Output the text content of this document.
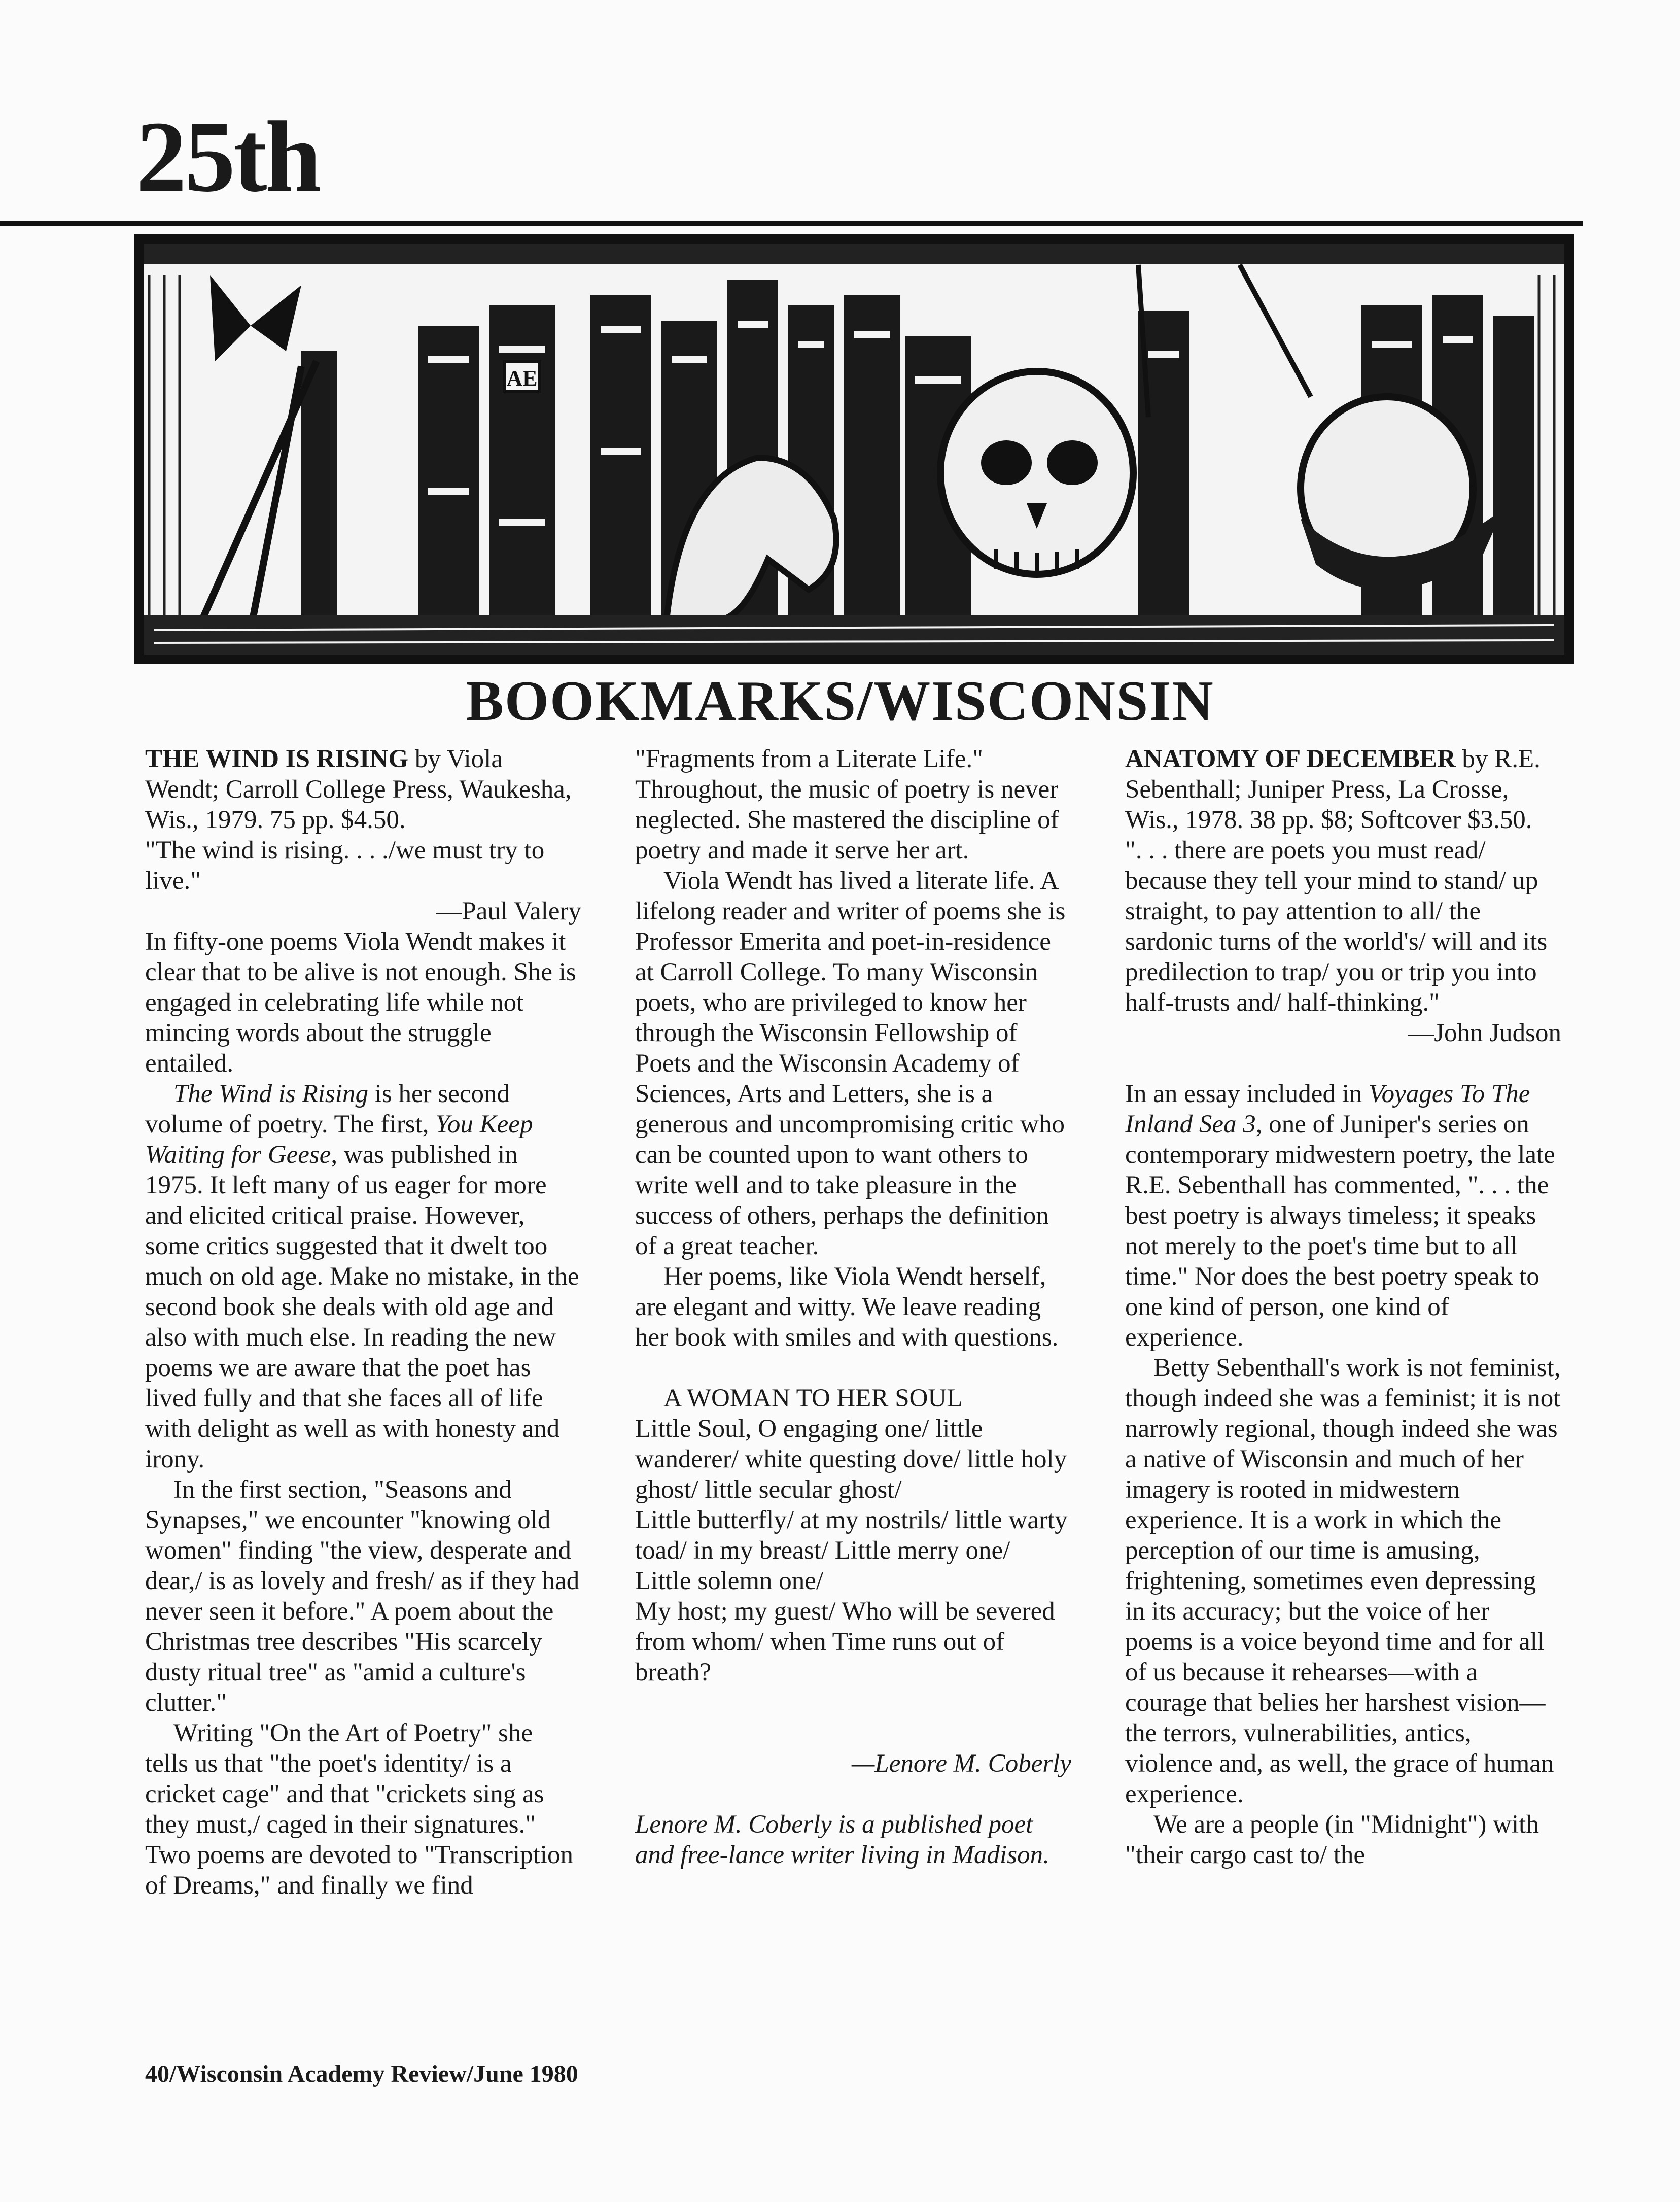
25th
AE
BOOKMARKS/WISCONSIN

THE WIND IS RISING by Viola Wendt; Carroll College Press, Waukesha, Wis., 1979. 75 pp. $4.50.

"The wind is rising. . . ./we must try to live."

—Paul Valery

In fifty-one poems Viola Wendt makes it clear that to be alive is not enough. She is engaged in celebrating life while not mincing words about the struggle entailed.

The Wind is Rising is her second volume of poetry. The first, You Keep Waiting for Geese, was published in 1975. It left many of us eager for more and elicited critical praise. However, some critics suggested that it dwelt too much on old age. Make no mistake, in the second book she deals with old age and also with much else. In reading the new poems we are aware that the poet has lived fully and that she faces all of life with delight as well as with honesty and irony.

In the first section, "Seasons and Synapses," we encounter "knowing old women" finding "the view, desperate and dear,/ is as lovely and fresh/ as if they had never seen it before." A poem about the Christmas tree describes "His scarcely dusty ritual tree" as "amid a culture's clutter."

Writing "On the Art of Poetry" she tells us that "the poet's identity/ is a cricket cage" and that "crickets sing as they must,/ caged in their signatures." Two poems are devoted to "Transcription of Dreams," and finally we find

"Fragments from a Literate Life." Throughout, the music of poetry is never neglected. She mastered the discipline of poetry and made it serve her art.

Viola Wendt has lived a literate life. A lifelong reader and writer of poems she is Professor Emerita and poet-in-residence at Carroll College. To many Wisconsin poets, who are privileged to know her through the Wisconsin Fellowship of Poets and the Wisconsin Academy of Sciences, Arts and Letters, she is a generous and uncompromising critic who can be counted upon to want others to write well and to take pleasure in the success of others, perhaps the definition of a great teacher.

Her poems, like Viola Wendt herself, are elegant and witty. We leave reading her book with smiles and with questions.

A WOMAN TO HER SOUL

Little Soul, O engaging one/ little wanderer/ white questing dove/ little holy ghost/ little secular ghost/

Little butterfly/ at my nostrils/ little warty toad/ in my breast/ Little merry one/ Little solemn one/

My host; my guest/ Who will be severed from whom/ when Time runs out of breath?

—Lenore M. Coberly

Lenore M. Coberly is a published poet and free-lance writer living in Madison.

ANATOMY OF DECEMBER by R.E. Sebenthall; Juniper Press, La Crosse, Wis., 1978. 38 pp. $8; Softcover $3.50.

". . . there are poets you must read/ because they tell your mind to stand/ up straight, to pay attention to all/ the sardonic turns of the world's/ will and its predilection to trap/ you or trip you into half-trusts and/ half-thinking."

—John Judson

In an essay included in Voyages To The Inland Sea 3, one of Juniper's series on contemporary midwestern poetry, the late R.E. Sebenthall has commented, ". . . the best poetry is always timeless; it speaks not merely to the poet's time but to all time." Nor does the best poetry speak to one kind of person, one kind of experience.

Betty Sebenthall's work is not feminist, though indeed she was a feminist; it is not narrowly regional, though indeed she was a native of Wisconsin and much of her imagery is rooted in midwestern experience. It is a work in which the perception of our time is amusing, frightening, sometimes even depressing in its accuracy; but the voice of her poems is a voice beyond time and for all of us because it rehearses—with a courage that belies her harshest vision—the terrors, vulnerabilities, antics, violence and, as well, the grace of human experience.

We are a people (in "Midnight") with "their cargo cast to/ the

40/Wisconsin Academy Review/June 1980
